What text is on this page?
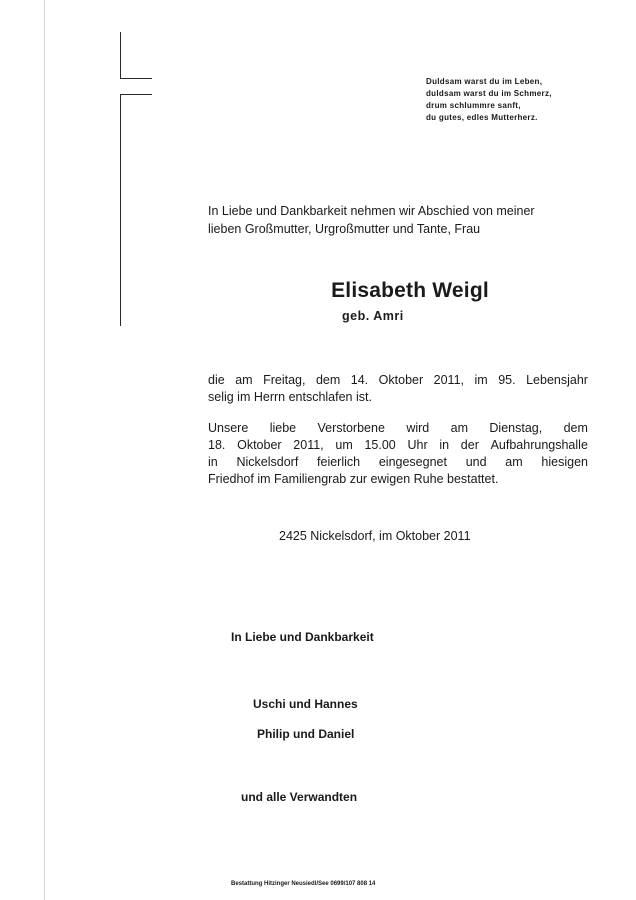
Duldsam warst du im Leben,
duldsam warst du im Schmerz,
drum schlummre sanft,
du gutes, edles Mutterherz.
In Liebe und Dankbarkeit nehmen wir Abschied von meiner
lieben Großmutter, Urgroßmutter und Tante, Frau
Elisabeth Weigl
geb. Amri
die am Freitag, dem 14. Oktober 2011, im 95. Lebensjahr
selig im Herrn entschlafen ist.
Unsere liebe Verstorbene wird am Dienstag, dem
18. Oktober 2011, um 15.00 Uhr in der Aufbahrungshalle
in Nickelsdorf feierlich eingesegnet und am hiesigen
Friedhof im Familiengrab zur ewigen Ruhe bestattet.
2425 Nickelsdorf, im Oktober 2011
In Liebe und Dankbarkeit
Uschi und Hannes
Philip und Daniel
und alle Verwandten
Bestattung Hitzinger Neusiedl/See 0699/107 808 14
